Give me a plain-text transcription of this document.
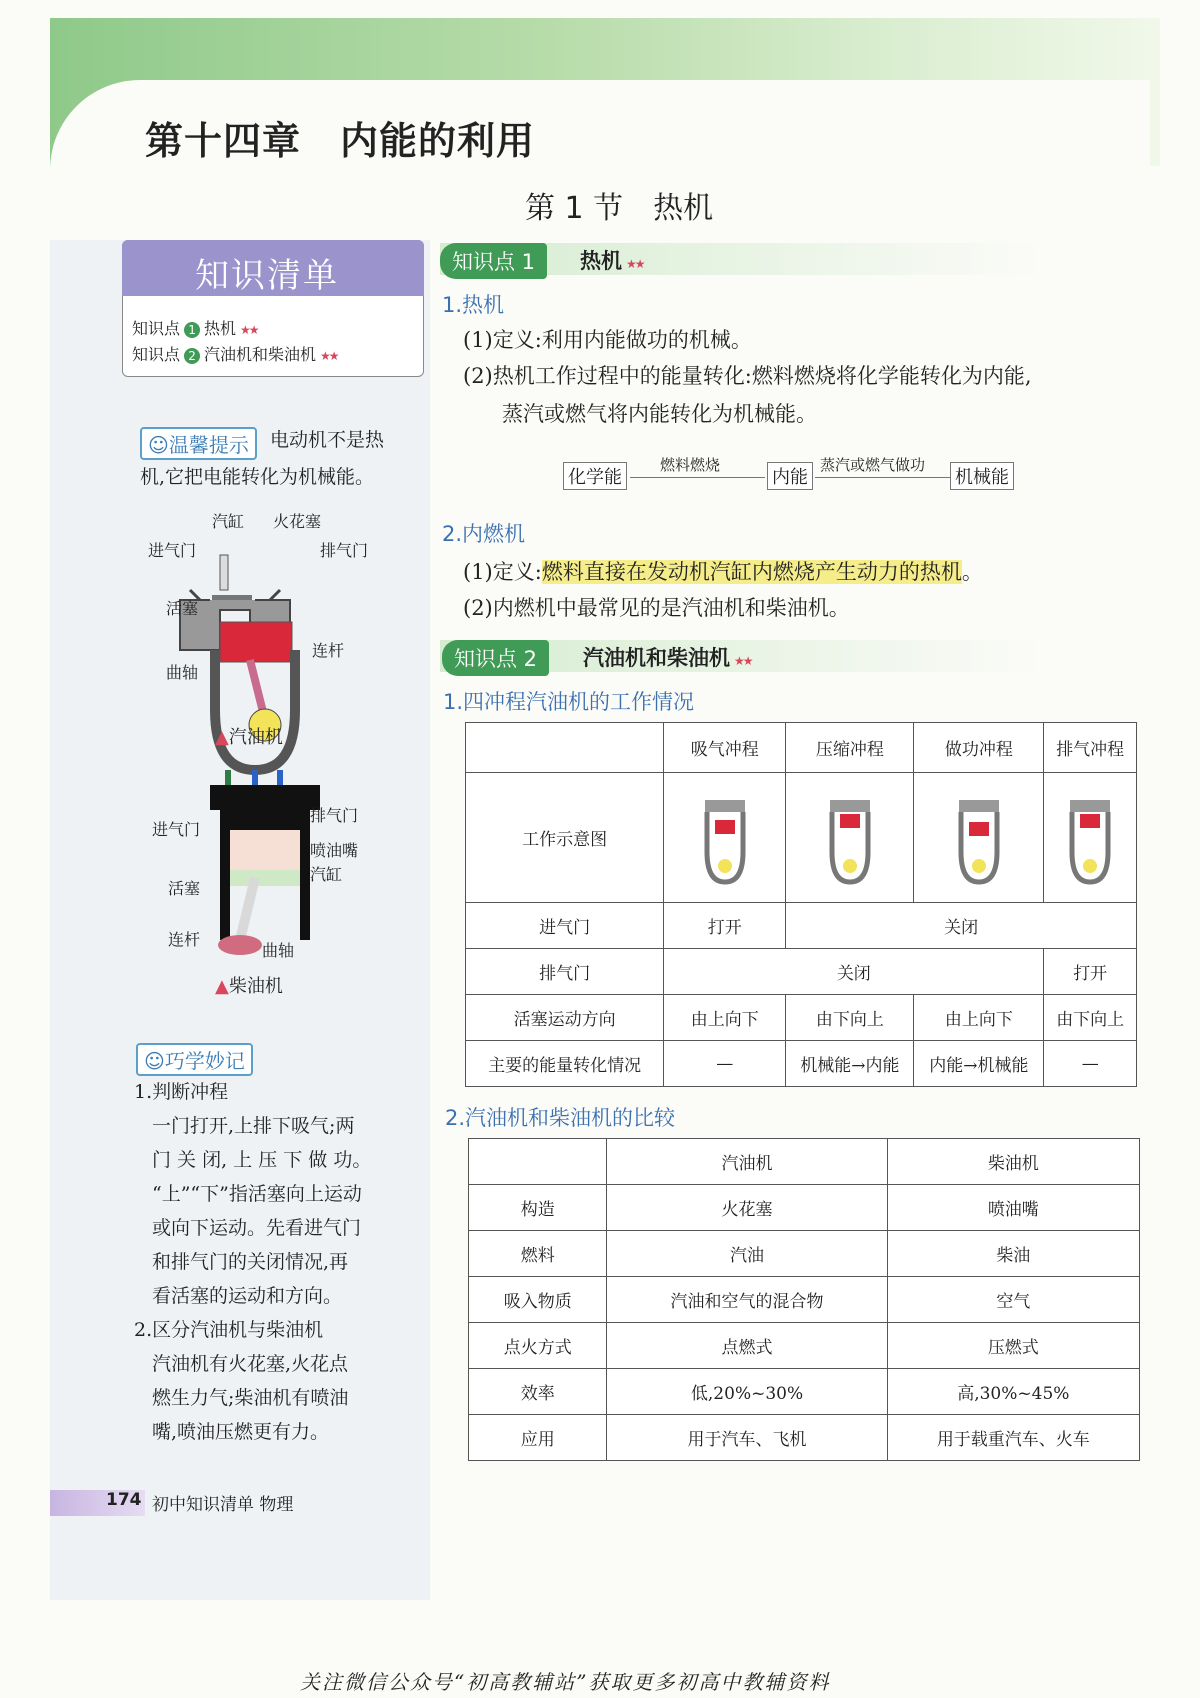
第十四章　内能的利用
第 1 节　热机
知识清单
知识点 1 热机 ★★
知识点 2 汽油机和柴油机 ★★
☺温馨提示	电动机不是热
机,它把电能转化为机械能。
汽缸 火花塞
进气门	排气门
活塞
连杆
曲轴
▲汽油机
排气门
进气门
喷油嘴
汽缸
活塞
连杆
曲轴
▲柴油机
☺巧学妙记
1.判断冲程
一门打开,上排下吸气;两
门 关 闭, 上 压 下 做 功。
“上”“下”指活塞向上运动
或向下运动。先看进气门
和排气门的关闭情况,再
看活塞的运动和方向。
2.区分汽油机与柴油机
汽油机有火花塞,火花点
燃生力气;柴油机有喷油
嘴,喷油压燃更有力。
知识点 1	热机 ★★
1.热机
(1)定义:利用内能做功的机械。
(2)热机工作过程中的能量转化:燃料燃烧将化学能转化为内能,
蒸汽或燃气将内能转化为机械能。
化学能
燃料燃烧
内能
蒸汽或燃气做功
机械能
2.内燃机
(1)定义:燃料直接在发动机汽缸内燃烧产生动力的热机。
(2)内燃机中最常见的是汽油机和柴油机。
知识点 2	汽油机和柴油机 ★★
1.四冲程汽油机的工作情况
	吸气冲程	压缩冲程	做功冲程	排气冲程
工作示意图				
进气门	打开	关闭		
排气门	关闭			打开
活塞运动方向	由上向下	由下向上	由上向下	由下向上
主要的能量转化情况	—	机械能→内能	内能→机械能	—
2.汽油机和柴油机的比较
	汽油机	柴油机
构造	火花塞	喷油嘴
燃料	汽油	柴油
吸入物质	汽油和空气的混合物	空气
点火方式	点燃式	压燃式
效率	低,20%~30%	高,30%~45%
应用	用于汽车、飞机	用于载重汽车、火车
174 初中知识清单 物理
关注微信公众号“初高教辅站”获取更多初高中教辅资料
